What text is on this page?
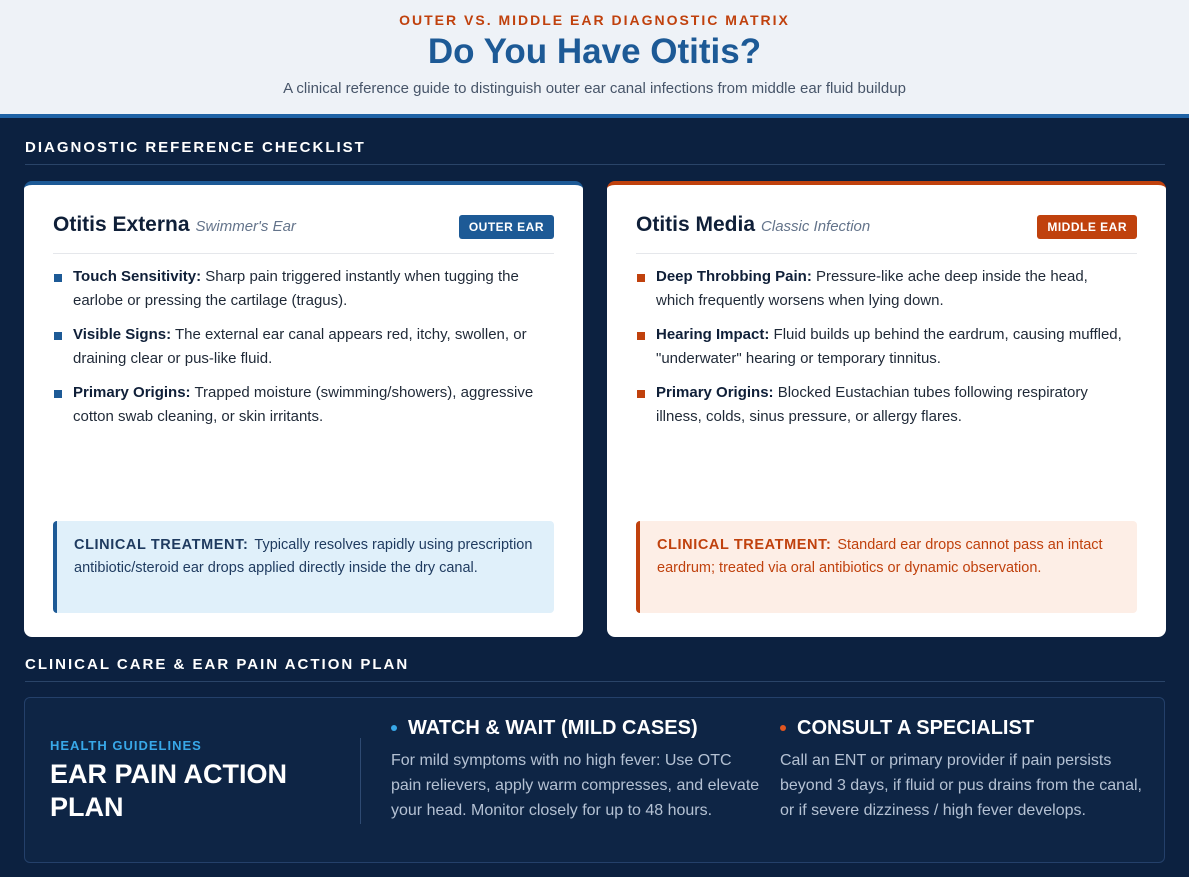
OUTER VS. MIDDLE EAR DIAGNOSTIC MATRIX
Do You Have Otitis?
A clinical reference guide to distinguish outer ear canal infections from middle ear fluid buildup
DIAGNOSTIC REFERENCE CHECKLIST
Otitis Externa Swimmer's Ear	OUTER EAR
Touch Sensitivity: Sharp pain triggered instantly when tugging the earlobe or pressing the cartilage (tragus).
Visible Signs: The external ear canal appears red, itchy, swollen, or draining clear or pus-like fluid.
Primary Origins: Trapped moisture (swimming/showers), aggressive cotton swab cleaning, or skin irritants.
CLINICAL TREATMENT: Typically resolves rapidly using prescription antibiotic/steroid ear drops applied directly inside the dry canal.
Otitis Media Classic Infection	MIDDLE EAR
Deep Throbbing Pain: Pressure-like ache deep inside the head, which frequently worsens when lying down.
Hearing Impact: Fluid builds up behind the eardrum, causing muffled, "underwater" hearing or temporary tinnitus.
Primary Origins: Blocked Eustachian tubes following respiratory illness, colds, sinus pressure, or allergy flares.
CLINICAL TREATMENT: Standard ear drops cannot pass an intact eardrum; treated via oral antibiotics or dynamic observation.
CLINICAL CARE & EAR PAIN ACTION PLAN
HEALTH GUIDELINES
EAR PAIN ACTION PLAN
WATCH & WAIT (MILD CASES)
For mild symptoms with no high fever: Use OTC pain relievers, apply warm compresses, and elevate your head. Monitor closely for up to 48 hours.
CONSULT A SPECIALIST
Call an ENT or primary provider if pain persists beyond 3 days, if fluid or pus drains from the canal, or if severe dizziness / high fever develops.
